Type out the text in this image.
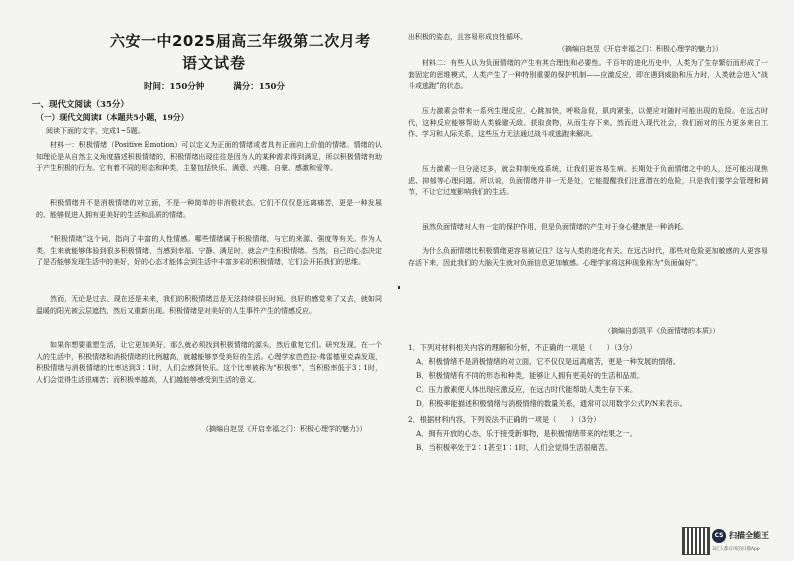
六安一中2025届高三年级第二次月考
语文试卷
时间：150分钟	满分：150分
一、现代文阅读（35分）
（一）现代文阅读Ⅰ（本题共5小题，19分）
阅读下面的文字，完成1~5题。
材料一：积极情绪（Positive Emotion）可以定义为正面的情绪或者具有正面向上价值的情绪。情绪的认知理论是从自然主义角度描述积极情绪的，积极情绪出现往往是因为人的某种需求得到满足，所以积极情绪有助于产生积极的行为。它有着不同的形态和种类，主要包括快乐、满意、兴趣、自豪、感激和爱等。
积极情绪并不是消极情绪的对立面，不是一种简单的非消极状态。它们不仅仅是远离痛苦，更是一种发展的、能够促进人拥有更美好的生活和品质的情绪。
“积极情绪”这个词，指向了丰富的人性情感。哪些情绪属于积极情绪，与它的来源、强度等有关。作为人类，生来就能够体验到很多积极情绪，当感到幸福、宁静、满足时，就会产生积极情绪。当然，自己的心态决定了是否能够发现生活中的美好，好的心态才能体会到生活中丰富多彩的积极情绪，它们会开拓我们的思维。
然而，无论是过去、现在还是未来，我们的积极情绪总是无法持续很长时间。良好的感觉来了又去，就如同温暖的阳光被云层遮挡，然后又重新出现。积极情绪是对美好的人生事件产生的情感反应。
如果你想要重塑生活，让它更加美好，那么就必须找到积极情绪的源头，然后重复它们。研究发现，在一个人的生活中，积极情绪和消极情绪的比例越高，就越能够享受美好的生活。心理学家芭芭拉·弗雷德里克森发现，积极情绪与消极情绪的比率达到3∶1时，人们会感到快乐。这个比率被称为“积极率”，当积极率低于3∶1时，人们会觉得生活很痛苦；而积极率越高，人们越能够感受到生活的意义。
（摘编自赵昱《开启幸福之门：积极心理学的魅力》）
出积极的姿态，且容易形成良性循环。
（摘编自赵昱《开启幸福之门：积极心理学的魅力》）
材料二：有些人认为负面情绪的产生有其合理性和必要性。千百年的进化历史中，人类为了生存繁衍而形成了一套固定的思维模式，人类产生了一种特别重要的保护机制——应激反应，即在遇到威胁和压力时，人类就会进入“战斗或逃跑”的状态。
压力激素会带来一系列生理反应，心跳加快，呼吸急促，肌肉紧张，以便应对随时可能出现的危险。在远古时代，这种反应能够帮助人类躲避天敌、获取食物，从而生存下来。然而进入现代社会，我们面对的压力更多来自工作、学习和人际关系，这些压力无法通过战斗或逃跑来解决。
压力激素一旦分泌过多，就会抑制免疫系统，让我们更容易生病。长期处于负面情绪之中的人，还可能出现焦虑、抑郁等心理问题。所以说，负面情绪并非一无是处，它能提醒我们注意潜在的危险，只是我们要学会管理和调节，不让它过度影响我们的生活。
虽然负面情绪对人有一定的保护作用，但是负面情绪的产生对于身心健康是一种消耗。
为什么负面情绪比积极情绪更容易被记住？这与人类的进化有关。在远古时代，那些对危险更加敏感的人更容易存活下来，因此我们的大脑天生就对负面信息更加敏感。心理学家将这种现象称为“负面偏好”。
（摘编自彭凯平《负面情绪的本质》）
1．下列对材料相关内容的理解和分析，不正确的一项是（　　）（3分）
A．积极情绪不是消极情绪的对立面，它不仅仅是远离痛苦，更是一种发展的情绪。
B．积极情绪有不同的形态和种类，能够让人拥有更美好的生活和品质。
C．压力激素使人体出现应激反应，在远古时代能帮助人类生存下来。
D．积极率能描述积极情绪与消极情绪的数量关系，通常可以用数学公式P/N来表示。
2．根据材料内容，下列说法不正确的一项是（　　）（3分）
A．拥有开放的心态，乐于接受新事物，是积极情绪带来的结果之一。
B．当积极率处于2∶1甚至1∶1时，人们会觉得生活很痛苦。
CS 扫描全能王
3亿人都在用的扫描App
